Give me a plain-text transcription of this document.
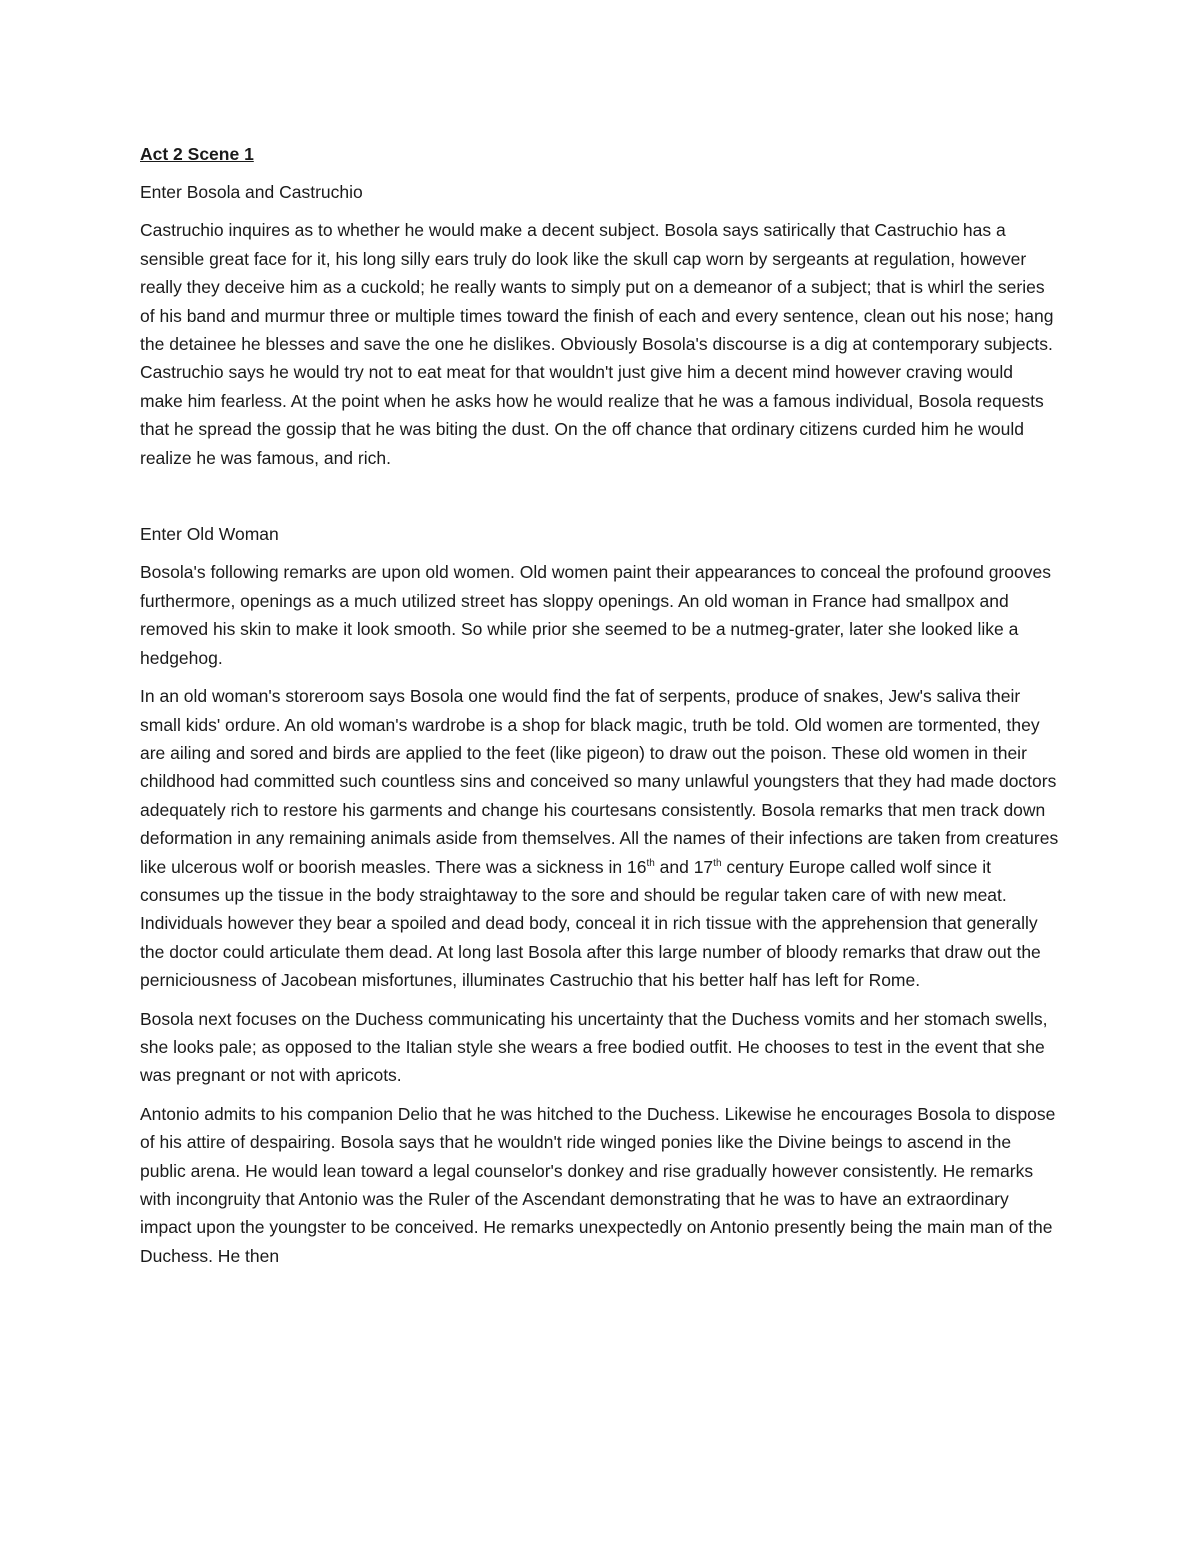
Act 2 Scene 1

Enter Bosola and Castruchio

Castruchio inquires as to whether he would make a decent subject. Bosola says satirically that Castruchio has a sensible great face for it, his long silly ears truly do look like the skull cap worn by sergeants at regulation, however really they deceive him as a cuckold; he really wants to simply put on a demeanor of a subject; that is whirl the series of his band and murmur three or multiple times toward the finish of each and every sentence, clean out his nose; hang the detainee he blesses and save the one he dislikes. Obviously Bosola's discourse is a dig at contemporary subjects. Castruchio says he would try not to eat meat for that wouldn't just give him a decent mind however craving would make him fearless. At the point when he asks how he would realize that he was a famous individual, Bosola requests that he spread the gossip that he was biting the dust. On the off chance that ordinary citizens curded him he would realize he was famous, and rich.

Enter Old Woman

Bosola's following remarks are upon old women. Old women paint their appearances to conceal the profound grooves furthermore, openings as a much utilized street has sloppy openings. An old woman in France had smallpox and removed his skin to make it look smooth. So while prior she seemed to be a nutmeg-grater, later she looked like a hedgehog.

In an old woman's storeroom says Bosola one would find the fat of serpents, produce of snakes, Jew's saliva their small kids' ordure. An old woman's wardrobe is a shop for black magic, truth be told. Old women are tormented, they are ailing and sored and birds are applied to the feet (like pigeon) to draw out the poison. These old women in their childhood had committed such countless sins and conceived so many unlawful youngsters that they had made doctors adequately rich to restore his garments and change his courtesans consistently. Bosola remarks that men track down deformation in any remaining animals aside from themselves. All the names of their infections are taken from creatures like ulcerous wolf or boorish measles. There was a sickness in 16th and 17th century Europe called wolf since it consumes up the tissue in the body straightaway to the sore and should be regular taken care of with new meat. Individuals however they bear a spoiled and dead body, conceal it in rich tissue with the apprehension that generally the doctor could articulate them dead. At long last Bosola after this large number of bloody remarks that draw out the perniciousness of Jacobean misfortunes, illuminates Castruchio that his better half has left for Rome.

Bosola next focuses on the Duchess communicating his uncertainty that the Duchess vomits and her stomach swells, she looks pale; as opposed to the Italian style she wears a free bodied outfit. He chooses to test in the event that she was pregnant or not with apricots.

Antonio admits to his companion Delio that he was hitched to the Duchess. Likewise he encourages Bosola to dispose of his attire of despairing. Bosola says that he wouldn't ride winged ponies like the Divine beings to ascend in the public arena. He would lean toward a legal counselor's donkey and rise gradually however consistently. He remarks with incongruity that Antonio was the Ruler of the Ascendant demonstrating that he was to have an extraordinary impact upon the youngster to be conceived. He remarks unexpectedly on Antonio presently being the main man of the Duchess. He then
